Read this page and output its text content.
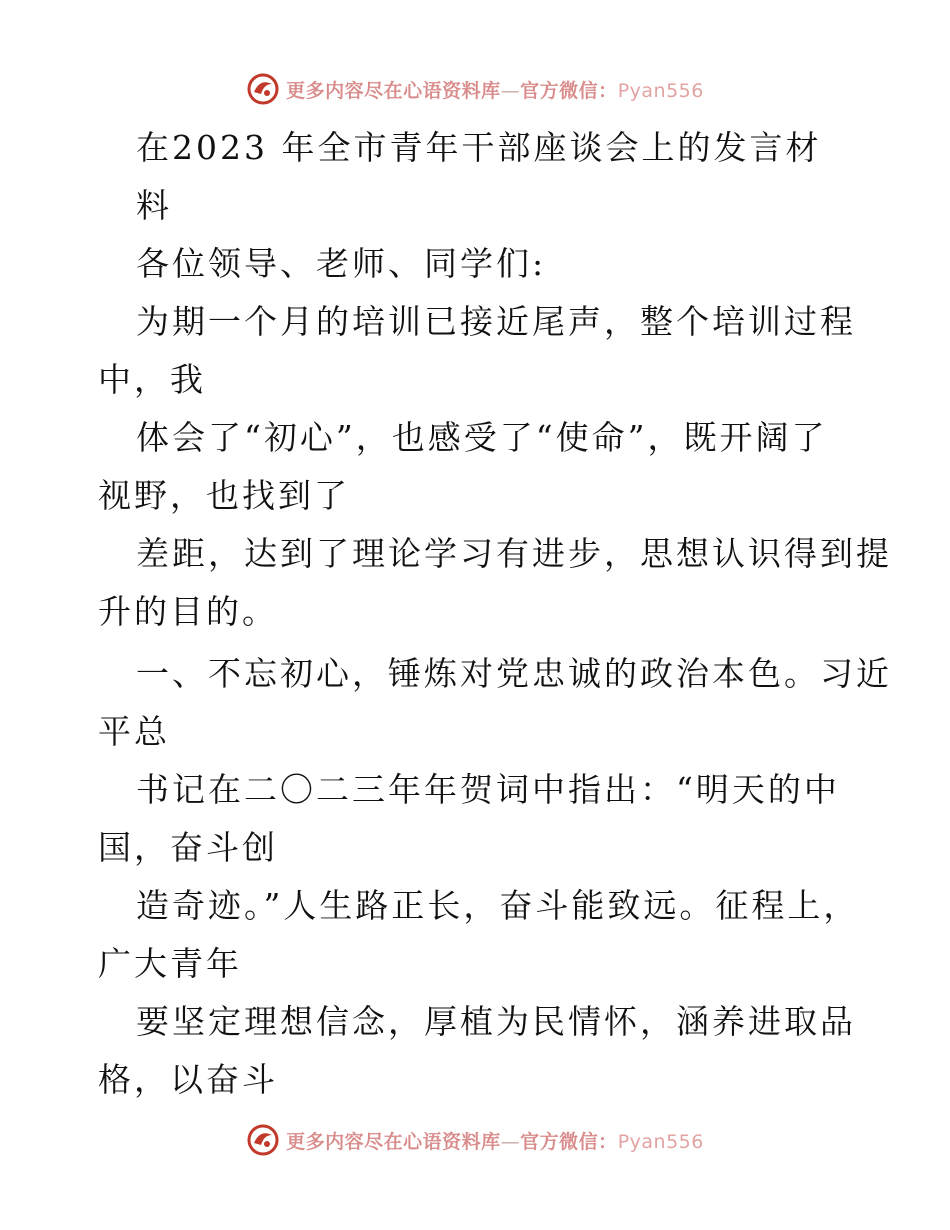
更多内容尽在心语资料库—官方微信：Pyan556
在2023 年全市青年干部座谈会上的发言材
料
各位领导、老师、同学们:
为期一个月的培训已接近尾声，整个培训过程
中，我
体会了“初心”，也感受了“使命”，既开阔了
视野，也找到了
差距，达到了理论学习有进步，思想认识得到提
升的目的。
一、不忘初心，锤炼对党忠诚的政治本色。习近
平总
书记在二〇二三年年贺词中指出：“明天的中
国，奋斗创
造奇迹。”人生路正长，奋斗能致远。征程上，
广大青年
要坚定理想信念，厚植为民情怀，涵养进取品
格，以奋斗
更多内容尽在心语资料库—官方微信：Pyan556
